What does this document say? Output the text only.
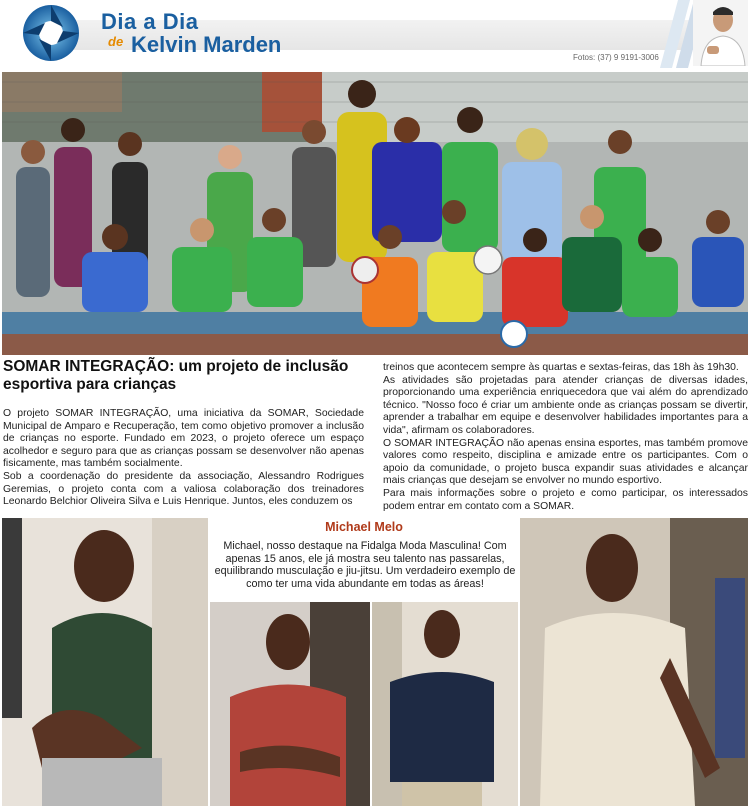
Dia a Dia
de Kelvin Marden
Fotos: (37) 9 9191-3006
SOMAR INTEGRAÇÃO: um projeto de inclusão esportiva para crianças

O projeto SOMAR INTEGRAÇÃO, uma iniciativa da SOMAR, Sociedade Municipal de Amparo e Recuperação, tem como objetivo promover a inclusão de crianças no esporte. Fundado em 2023, o projeto oferece um espaço acolhedor e seguro para que as crianças possam se desenvolver não apenas fisicamente, mas também socialmente.

Sob a coordenação do presidente da associação, Alessandro Rodrigues Geremias, o projeto conta com a valiosa colaboração dos treinadores Leonardo Belchior Oliveira Silva e Luis Henrique. Juntos, eles conduzem os

treinos que acontecem sempre às quartas e sextas-feiras, das 18h às 19h30.

As atividades são projetadas para atender crianças de diversas idades, proporcionando uma experiência enriquecedora que vai além do aprendizado técnico. "Nosso foco é criar um ambiente onde as crianças possam se divertir, aprender a trabalhar em equipe e desenvolver habilidades importantes para a vida", afirmam os colaboradores.

O SOMAR INTEGRAÇÃO não apenas ensina esportes, mas também promove valores como respeito, disciplina e amizade entre os participantes. Com o apoio da comunidade, o projeto busca expandir suas atividades e alcançar mais crianças que desejam se envolver no mundo esportivo.

Para mais informações sobre o projeto e como participar, os interessados podem entrar em contato com a SOMAR.

Michael Melo
Michael, nosso destaque na Fidalga Moda Masculina! Com apenas 15 anos, ele já mostra seu talento nas passarelas, equilibrando musculação e jiu-jitsu. Um verdadeiro exemplo de como ter uma vida abundante em todas as áreas!
